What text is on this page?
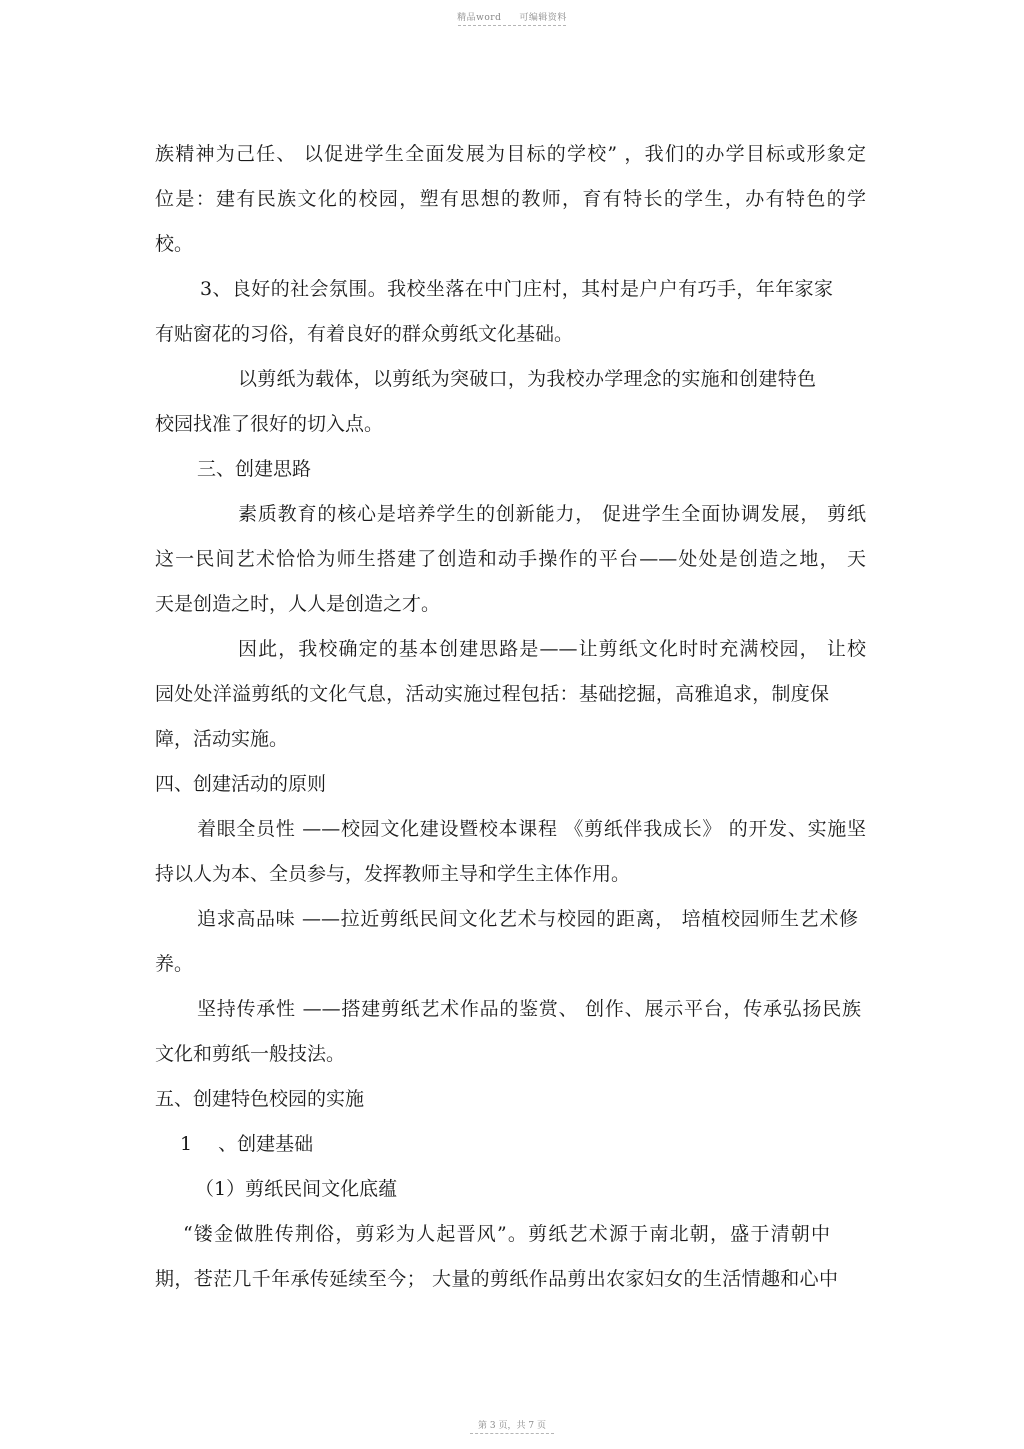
精品word 可编辑资料
族精神为己任、 以促进学生全面发展为目标的学校” ，我们的办学目标或形象定
位是：建有民族文化的校园，塑有思想的教师，育有特长的学生，办有特色的学
校。
3、良好的社会氛围。我校坐落在中门庄村，其村是户户有巧手，年年家家
有贴窗花的习俗，有着良好的群众剪纸文化基础。
以剪纸为载体，以剪纸为突破口，为我校办学理念的实施和创建特色
校园找准了很好的切入点。
三、创建思路
素质教育的核心是培养学生的创新能力， 促进学生全面协调发展， 剪纸
这一民间艺术恰恰为师生搭建了创造和动手操作的平台——处处是创造之地， 天
天是创造之时，人人是创造之才。
因此，我校确定的基本创建思路是——让剪纸文化时时充满校园， 让校
园处处洋溢剪纸的文化气息，活动实施过程包括：基础挖掘，高雅追求，制度保
障，活动实施。
四、创建活动的原则
着眼全员性 ——校园文化建设暨校本课程 《剪纸伴我成长》 的开发、实施坚
持以人为本、全员参与，发挥教师主导和学生主体作用。
追求高品味 ——拉近剪纸民间文化艺术与校园的距离， 培植校园师生艺术修
养。
坚持传承性 ——搭建剪纸艺术作品的鉴赏、 创作、展示平台，传承弘扬民族
文化和剪纸一般技法。
五、创建特色校园的实施
1 、创建基础
（1）剪纸民间文化底蕴
“镂金做胜传荆俗，剪彩为人起晋风”。剪纸艺术源于南北朝，盛于清朝中
期，苍茫几千年承传延续至今； 大量的剪纸作品剪出农家妇女的生活情趣和心中
第 3 页，共 7 页
